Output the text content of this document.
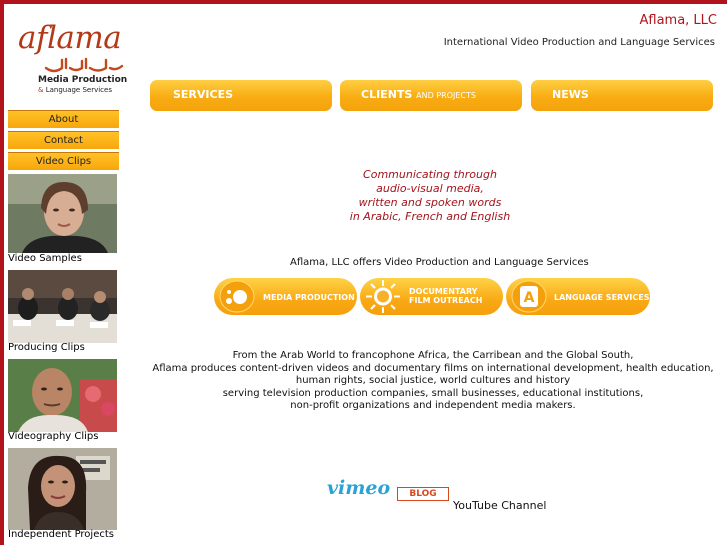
aflama
Media Production
& Language Services
Aflama, LLC
International Video Production and Language Services
SERVICES	CLIENTS AND PROJECTS	NEWS
About
Contact
Video Clips
Video Samples
Producing Clips
Videography Clips
Independent Projects
Communicating through
audio-visual media,
written and spoken words
in Arabic, French and English
Aflama, LLC offers Video Production and Language Services
MEDIA PRODUCTION
DOCUMENTARY
FILM OUTREACH	A LANGUAGE SERVICES
From the Arab World to francophone Africa, the Carribean and the Global South,
Aflama produces content-driven videos and documentary films on international development, health education, human rights, social justice, world cultures and history
serving television production companies, small businesses, educational institutions,
non-profit organizations and independent media makers.
vimeo	BLOG
YouTube Channel
